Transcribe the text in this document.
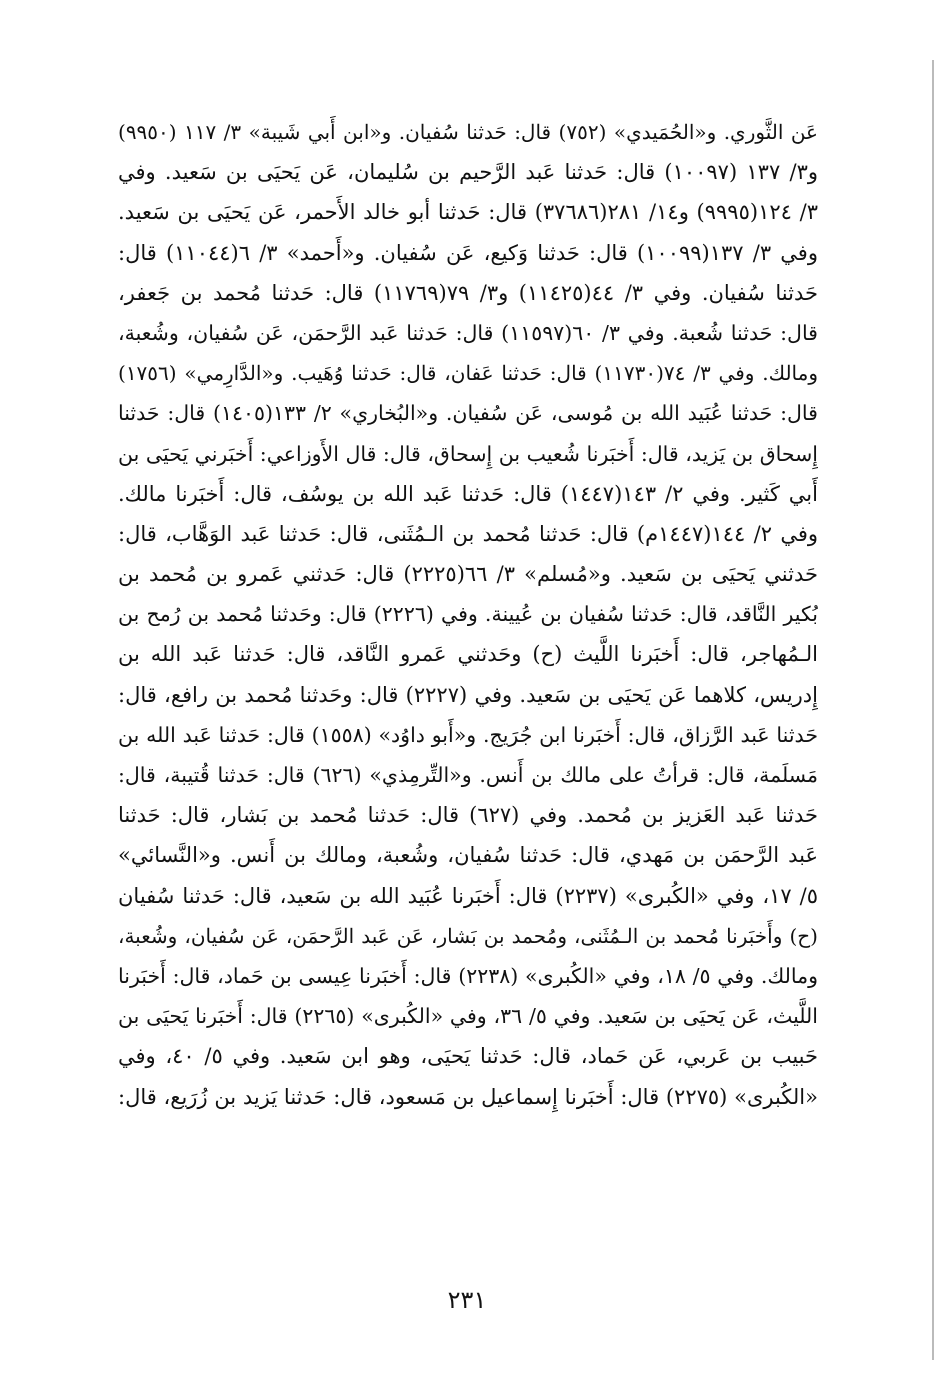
عَن الثَّوري. و«الحُمَيدي» (٧٥٢) قال: حَدثنا سُفيان. و«ابن أَبي شَيبة» ٣/ ١١٧ (٩٩٥٠)
و٣/ ١٣٧ (١٠٠٩٧) قال: حَدثنا عَبد الرَّحيم بن سُليمان، عَن يَحيَى بن سَعيد. وفي
٣/ ١٢٤(٩٩٩٥) و١٤/ ٢٨١(٣٧٦٨٦) قال: حَدثنا أبو خالد الأَحمر، عَن يَحيَى بن سَعيد.
وفي ٣/ ١٣٧(١٠٠٩٩) قال: حَدثنا وَكيع، عَن سُفيان. و«أَحمد» ٣/ ٦(١١٠٤٤) قال:
حَدثنا سُفيان. وفي ٣/ ٤٤(١١٤٢٥) و٣/ ٧٩(١١٧٦٩) قال: حَدثنا مُحمد بن جَعفر،
قال: حَدثنا شُعبة. وفي ٣/ ٦٠(١١٥٩٧) قال: حَدثنا عَبد الرَّحمَن، عَن سُفيان، وشُعبة،
ومالك. وفي ٣/ ٧٤(١١٧٣٠) قال: حَدثنا عَفان، قال: حَدثنا وُهَيب. و«الدَّارِمي» (١٧٥٦)
قال: حَدثنا عُبَيد الله بن مُوسى، عَن سُفيان. و«البُخاري» ٢/ ١٣٣(١٤٠٥) قال: حَدثنا
إِسحاق بن يَزيد، قال: أَخبَرنا شُعيب بن إِسحاق، قال: قال الأَوزاعي: أَخبَرني يَحيَى بن
أَبي كَثير. وفي ٢/ ١٤٣(١٤٤٧) قال: حَدثنا عَبد الله بن يوسُف، قال: أَخبَرنا مالك.
وفي ٢/ ١٤٤(١٤٤٧م) قال: حَدثنا مُحمد بن الـمُثَنى، قال: حَدثنا عَبد الوَهَّاب، قال:
حَدثني يَحيَى بن سَعيد. و«مُسلم» ٣/ ٦٦(٢٢٢٥) قال: حَدثني عَمرو بن مُحمد بن
بُكير النَّاقد، قال: حَدثنا سُفيان بن عُيينة. وفي (٢٢٢٦) قال: وحَدثنا مُحمد بن رُمح بن
الـمُهاجر، قال: أَخبَرنا اللَّيث (ح) وحَدثني عَمرو النَّاقد، قال: حَدثنا عَبد الله بن
إِدريس، كلاهما عَن يَحيَى بن سَعيد. وفي (٢٢٢٧) قال: وحَدثنا مُحمد بن رافع، قال:
حَدثنا عَبد الرَّزاق، قال: أَخبَرنا ابن جُرَيج. و«أَبو داوُد» (١٥٥٨) قال: حَدثنا عَبد الله بن
مَسلَمة، قال: قرأتُ على مالك بن أَنس. و«التِّرمِذي» (٦٢٦) قال: حَدثنا قُتيبة، قال:
حَدثنا عَبد العَزيز بن مُحمد. وفي (٦٢٧) قال: حَدثنا مُحمد بن بَشار، قال: حَدثنا
عَبد الرَّحمَن بن مَهدي، قال: حَدثنا سُفيان، وشُعبة، ومالك بن أَنس. و«النَّسائي»
٥/ ١٧، وفي «الكُبرى» (٢٢٣٧) قال: أَخبَرنا عُبَيد الله بن سَعيد، قال: حَدثنا سُفيان
(ح) وأَخبَرنا مُحمد بن الـمُثَنى، ومُحمد بن بَشار، عَن عَبد الرَّحمَن، عَن سُفيان، وشُعبة،
ومالك. وفي ٥/ ١٨، وفي «الكُبرى» (٢٢٣٨) قال: أَخبَرنا عِيسى بن حَماد، قال: أَخبَرنا
اللَّيث، عَن يَحيَى بن سَعيد. وفي ٥/ ٣٦، وفي «الكُبرى» (٢٢٦٥) قال: أَخبَرنا يَحيَى بن
حَبيب بن عَربي، عَن حَماد، قال: حَدثنا يَحيَى، وهو ابن سَعيد. وفي ٥/ ٤٠، وفي
«الكُبرى» (٢٢٧٥) قال: أَخبَرنا إِسماعيل بن مَسعود، قال: حَدثنا يَزيد بن زُرَيع، قال:
٢٣١
